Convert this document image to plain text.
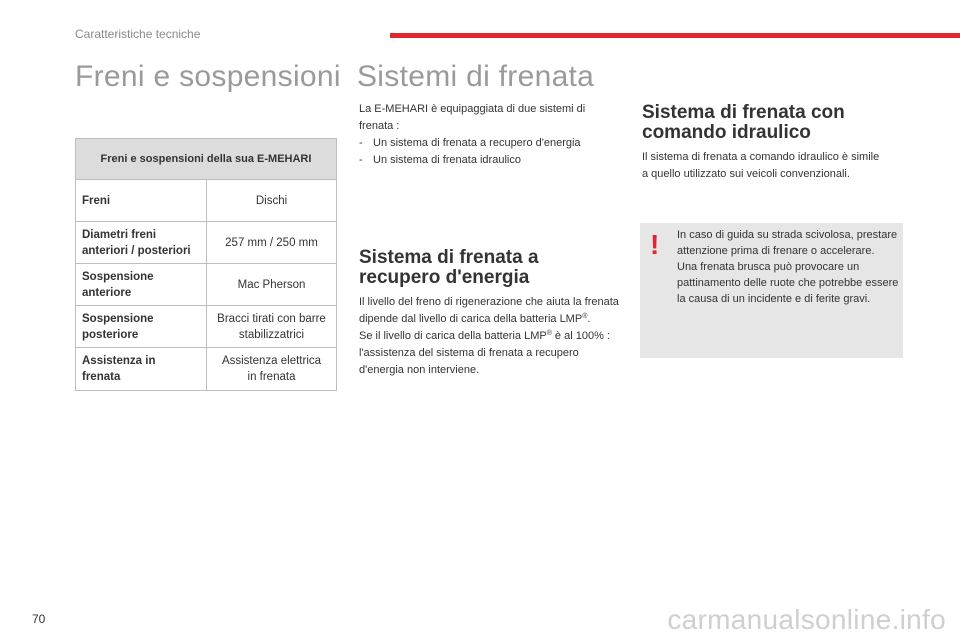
Caratteristiche tecniche
Freni e sospensioni Sistemi di frenata
Freni e sospensioni della sua E-MEHARI	
Freni	Dischi
Diametri freni
anteriori / posteriori	257 mm / 250 mm
Sospensione
anteriore	Mac Pherson
Sospensione
posteriore	Bracci tirati con barre
stabilizzatrici
Assistenza in
frenata	Assistenza elettrica
in frenata

La E-MEHARI è equipaggiata di due sistemi di frenata :

- Un sistema di frenata a recupero d'energia
- Un sistema di frenata idraulico
Sistema di frenata a
recupero d'energia

Il livello del freno di rigenerazione che aiuta la frenata dipende dal livello di carica della batteria LMP®.

Se il livello di carica della batteria LMP® è al 100% : l'assistenza del sistema di frenata a recupero d'energia non interviene.

Sistema di frenata con
comando idraulico
Il sistema di frenata a comando idraulico è simile a quello utilizzato sui veicoli convenzionali.
! In caso di guida su strada scivolosa, prestare attenzione prima di frenare o accelerare.

Una frenata brusca può provocare un pattinamento delle ruote che potrebbe essere la causa di un incidente e di ferite gravi.

70	carmanualsonline.info
